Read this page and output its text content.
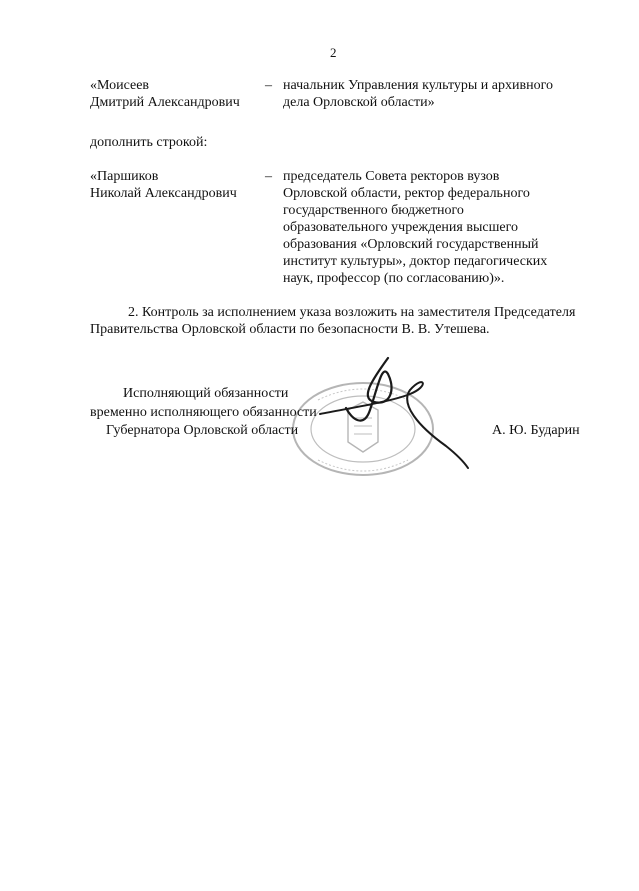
2
«Моисеев
Дмитрий Александрович
– начальник Управления культуры и архивного
дела Орловской области»
дополнить строкой:
«Паршиков
Николай Александрович
– председатель Совета ректоров вузов
Орловской области, ректор федерального
государственного бюджетного
образовательного учреждения высшего
образования «Орловский государственный
институт культуры», доктор педагогических
наук, профессор (по согласованию)».
2. Контроль за исполнением указа возложить на заместителя Председателя
Правительства Орловской области по безопасности В. В. Утешева.
Исполняющий обязанности
временно исполняющего обязанности
Губернатора Орловской области	А. Ю. Бударин
